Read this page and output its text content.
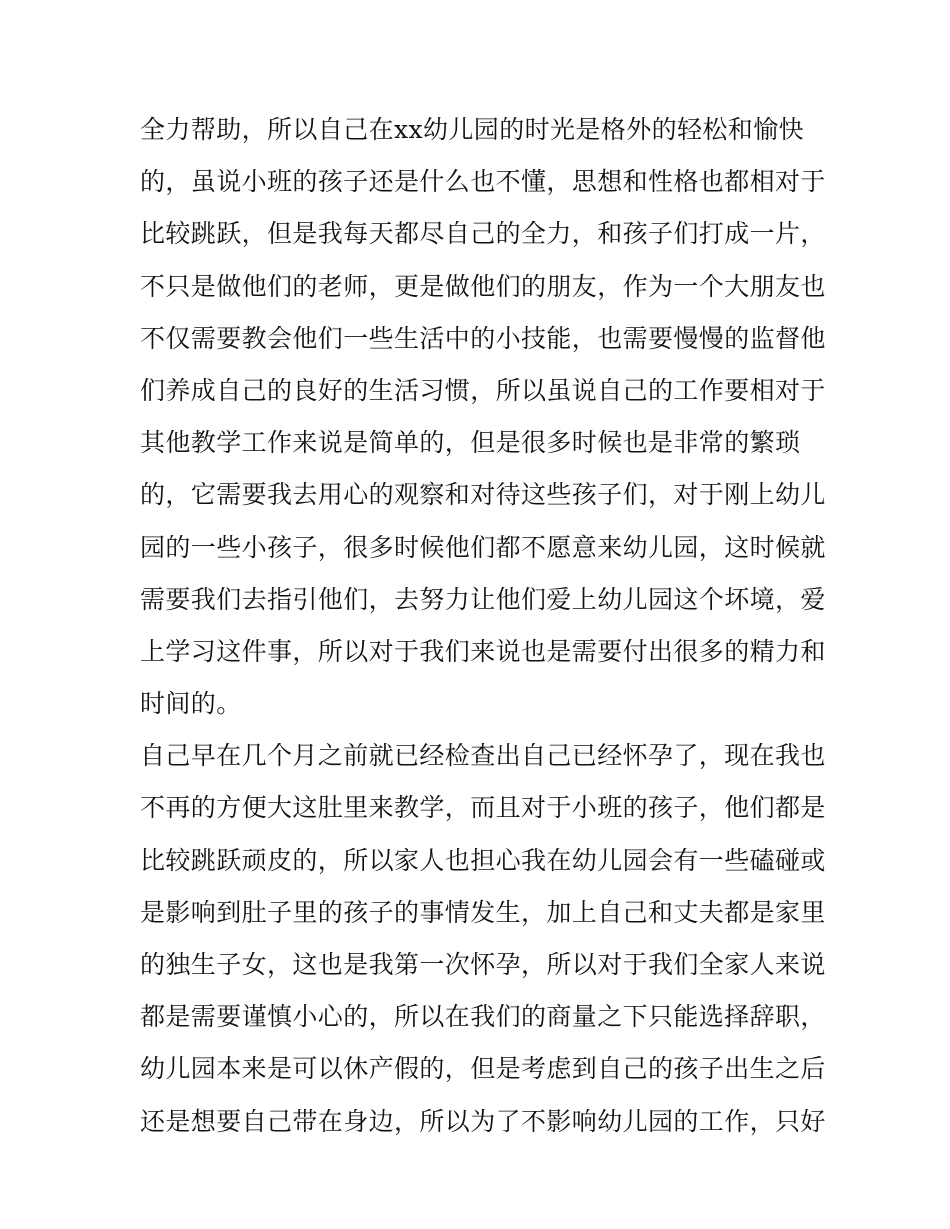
全力帮助，所以自己在xx幼儿园的时光是格外的轻松和愉快
的，虽说小班的孩子还是什么也不懂，思想和性格也都相对于
比较跳跃，但是我每天都尽自己的全力，和孩子们打成一片，
不只是做他们的老师，更是做他们的朋友，作为一个大朋友也
不仅需要教会他们一些生活中的小技能，也需要慢慢的监督他
们养成自己的良好的生活习惯，所以虽说自己的工作要相对于
其他教学工作来说是简单的，但是很多时候也是非常的繁琐
的，它需要我去用心的观察和对待这些孩子们，对于刚上幼儿
园的一些小孩子，很多时候他们都不愿意来幼儿园，这时候就
需要我们去指引他们，去努力让他们爱上幼儿园这个坏境，爱
上学习这件事，所以对于我们来说也是需要付出很多的精力和
时间的。
自己早在几个月之前就已经检查出自己已经怀孕了，现在我也
不再的方便大这肚里来教学，而且对于小班的孩子，他们都是
比较跳跃顽皮的，所以家人也担心我在幼儿园会有一些磕碰或
是影响到肚子里的孩子的事情发生，加上自己和丈夫都是家里
的独生子女，这也是我第一次怀孕，所以对于我们全家人来说
都是需要谨慎小心的，所以在我们的商量之下只能选择辞职，
幼儿园本来是可以休产假的，但是考虑到自己的孩子出生之后
还是想要自己带在身边，所以为了不影响幼儿园的工作，只好
